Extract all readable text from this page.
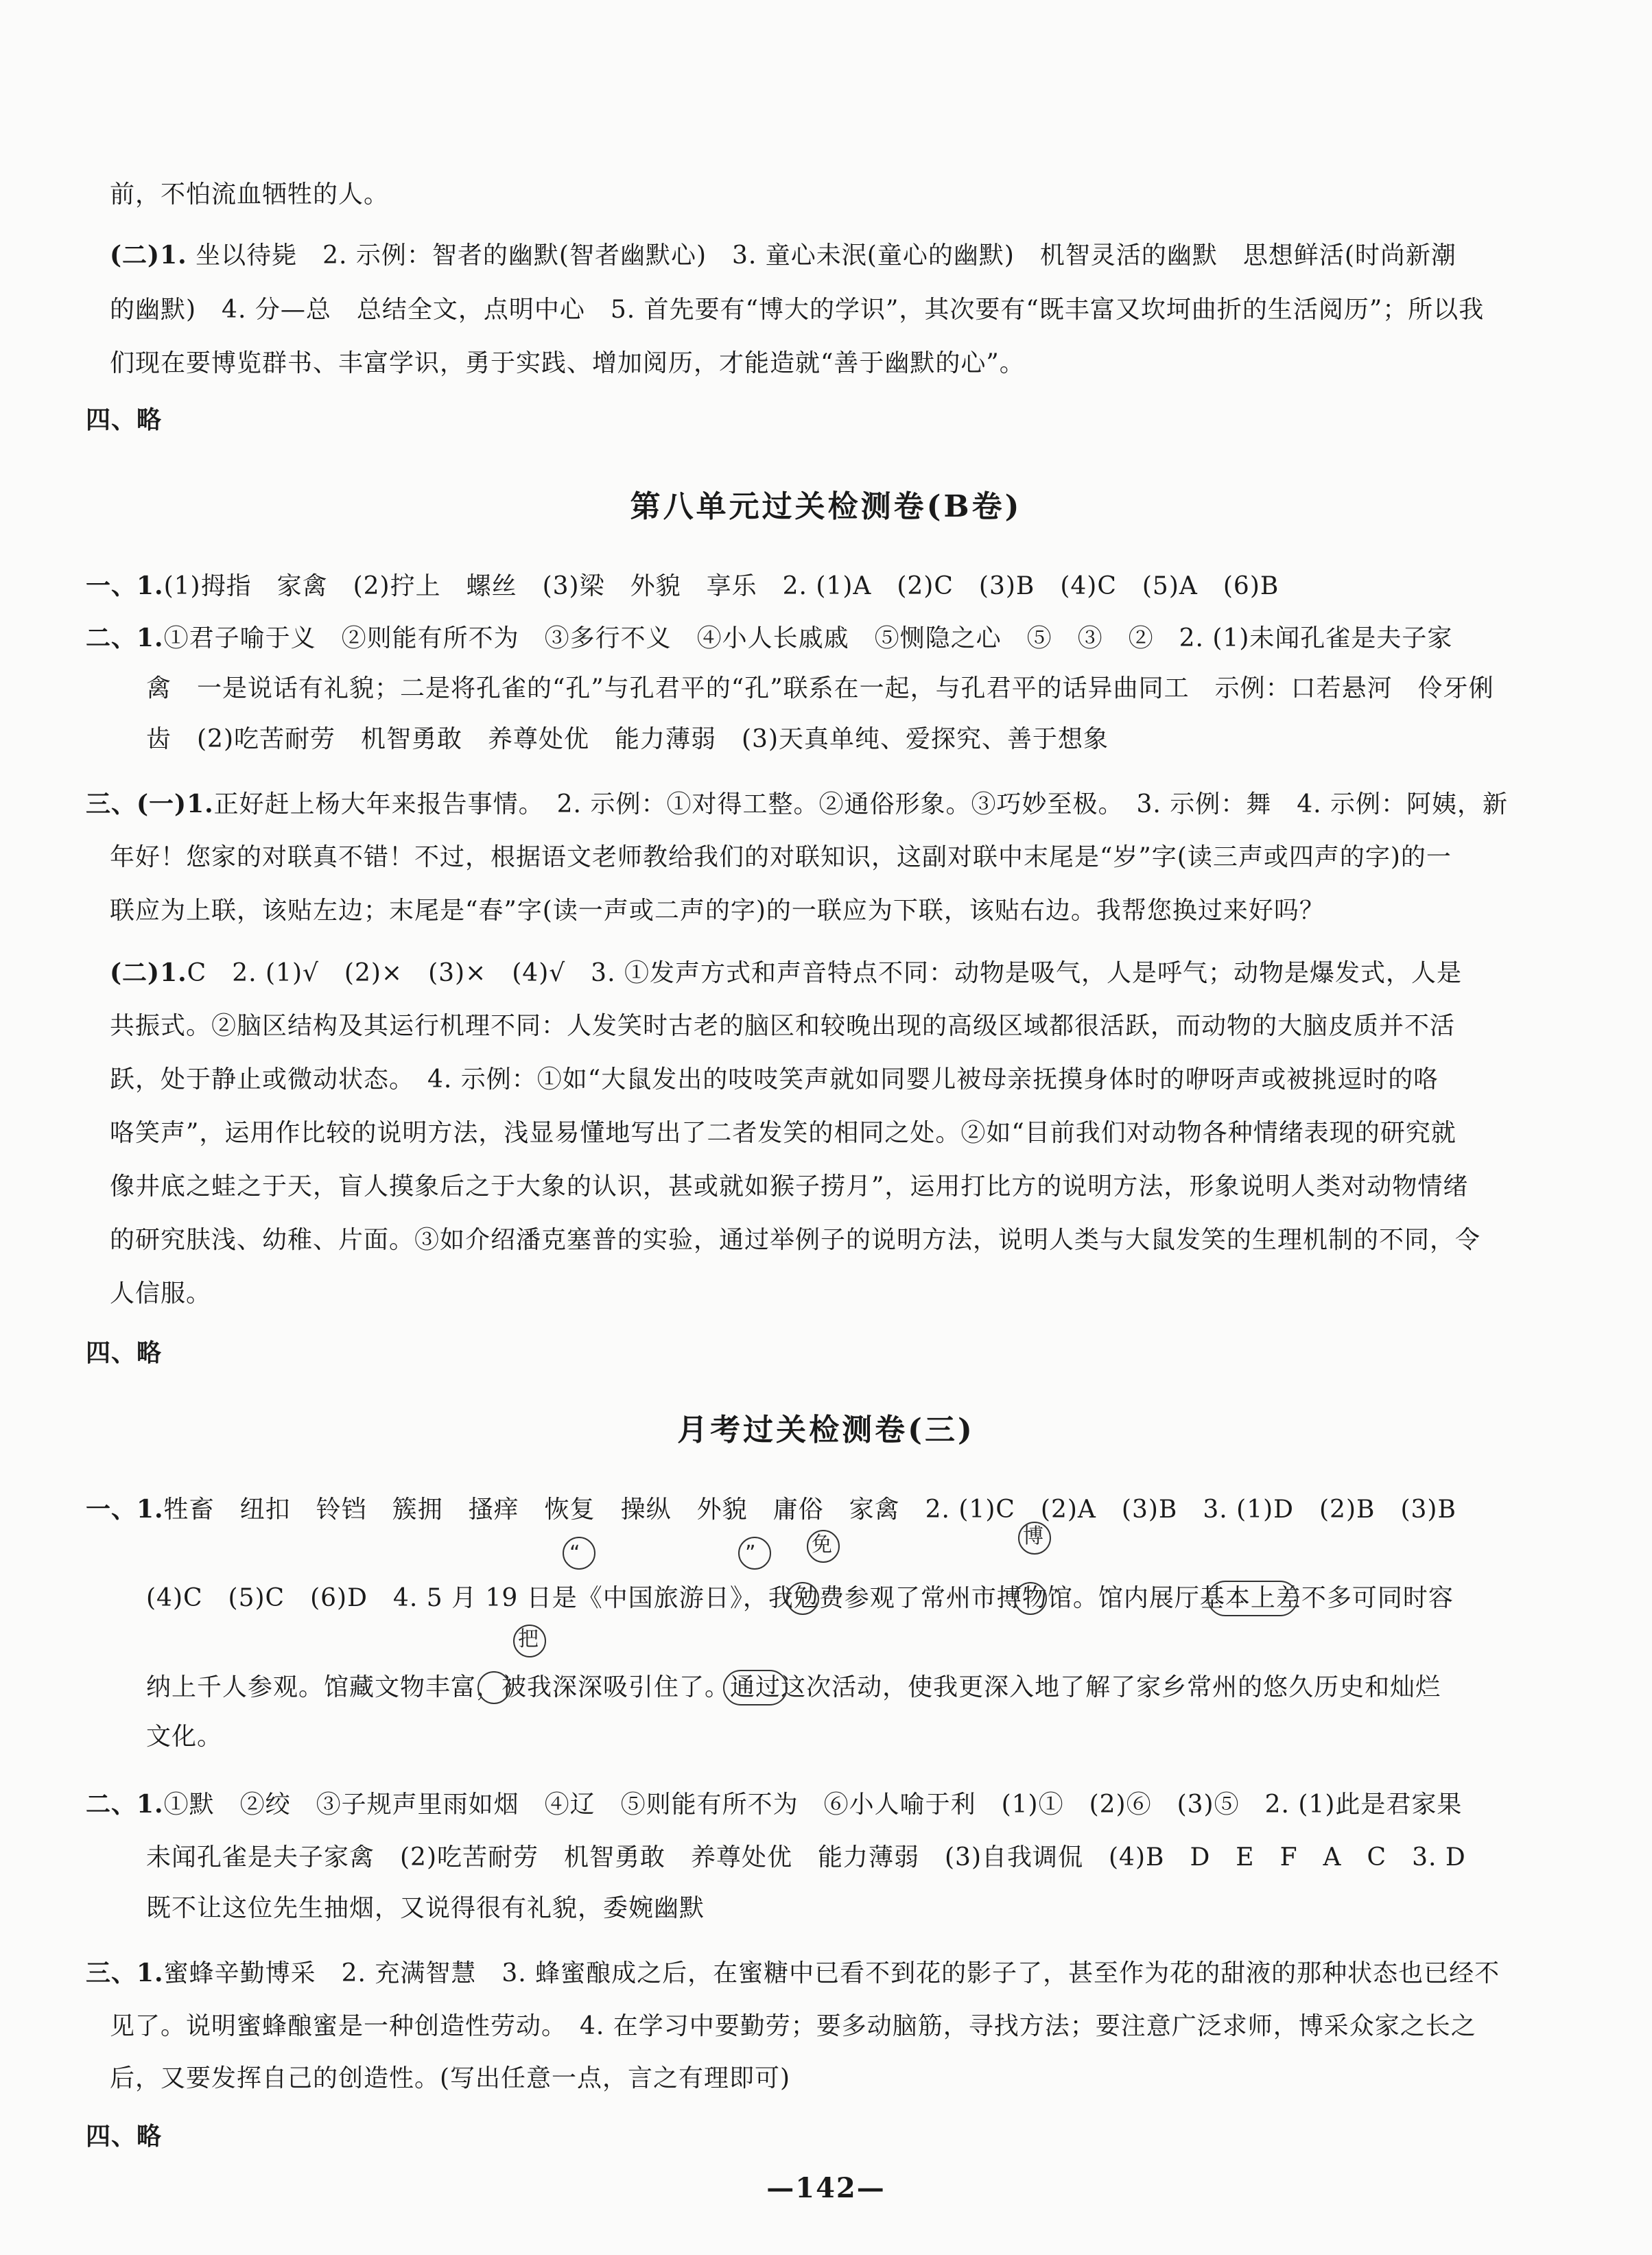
前，不怕流血牺牲的人。
(二)1. 坐以待毙　2. 示例：智者的幽默(智者幽默心)　3. 童心未泯(童心的幽默)　机智灵活的幽默　思想鲜活(时尚新潮
的幽默)　4. 分—总　总结全文，点明中心　5. 首先要有“博大的学识”，其次要有“既丰富又坎坷曲折的生活阅历”；所以我
们现在要博览群书、丰富学识，勇于实践、增加阅历，才能造就“善于幽默的心”。
四、略
第八单元过关检测卷(B卷)
一、1.(1)拇指　家禽　(2)拧上　螺丝　(3)梁　外貌　享乐　2. (1)A　(2)C　(3)B　(4)C　(5)A　(6)B
二、1.①君子喻于义　②则能有所不为　③多行不义　④小人长戚戚　⑤恻隐之心　⑤　③　②　2. (1)未闻孔雀是夫子家
禽　一是说话有礼貌；二是将孔雀的“孔”与孔君平的“孔”联系在一起，与孔君平的话异曲同工　示例：口若悬河　伶牙俐
齿　(2)吃苦耐劳　机智勇敢　养尊处优　能力薄弱　(3)天真单纯、爱探究、善于想象
三、(一)1.正好赶上杨大年来报告事情。　2. 示例：①对得工整。②通俗形象。③巧妙至极。　3. 示例：舞　4. 示例：阿姨，新
年好！您家的对联真不错！不过，根据语文老师教给我们的对联知识，这副对联中末尾是“岁”字(读三声或四声的字)的一
联应为上联，该贴左边；末尾是“春”字(读一声或二声的字)的一联应为下联，该贴右边。我帮您换过来好吗？
(二)1.C　2. (1)√　(2)×　(3)×　(4)√　3. ①发声方式和声音特点不同：动物是吸气，人是呼气；动物是爆发式，人是
共振式。②脑区结构及其运行机理不同：人发笑时古老的脑区和较晚出现的高级区域都很活跃，而动物的大脑皮质并不活
跃，处于静止或微动状态。　4. 示例：①如“大鼠发出的吱吱笑声就如同婴儿被母亲抚摸身体时的咿呀声或被挑逗时的咯
咯笑声”，运用作比较的说明方法，浅显易懂地写出了二者发笑的相同之处。②如“目前我们对动物各种情绪表现的研究就
像井底之蛙之于天，盲人摸象后之于大象的认识，甚或就如猴子捞月”，运用打比方的说明方法，形象说明人类对动物情绪
的研究肤浅、幼稚、片面。③如介绍潘克塞普的实验，通过举例子的说明方法，说明人类与大鼠发笑的生理机制的不同，令
人信服。
四、略
月考过关检测卷(三)
一、1.牲畜　纽扣　铃铛　簇拥　搔痒　恢复　操纵　外貌　庸俗　家禽　2. (1)C　(2)A　(3)B　3. (1)D　(2)B　(3)B
(4)C　(5)C　(6)D　4. 5 月 19 日是《中国旅游日》，我勉费参观了常州市搏物馆。馆内展厅基本上差不多可同时容
“	”	免	博
纳上千人参观。馆藏文物丰富，被我深深吸引住了。通过这次活动，使我更深入地了解了家乡常州的悠久历史和灿烂
把
文化。
二、1.①默　②绞　③子规声里雨如烟　④辽　⑤则能有所不为　⑥小人喻于利　(1)①　(2)⑥　(3)⑤　2. (1)此是君家果
未闻孔雀是夫子家禽　(2)吃苦耐劳　机智勇敢　养尊处优　能力薄弱　(3)自我调侃　(4)B　D　E　F　A　C　3. D
既不让这位先生抽烟，又说得很有礼貌，委婉幽默
三、1.蜜蜂辛勤博采　2. 充满智慧　3. 蜂蜜酿成之后，在蜜糖中已看不到花的影子了，甚至作为花的甜液的那种状态也已经不
见了。说明蜜蜂酿蜜是一种创造性劳动。　4. 在学习中要勤劳；要多动脑筋，寻找方法；要注意广泛求师，博采众家之长之
后，又要发挥自己的创造性。(写出任意一点，言之有理即可)
四、略
—142—
